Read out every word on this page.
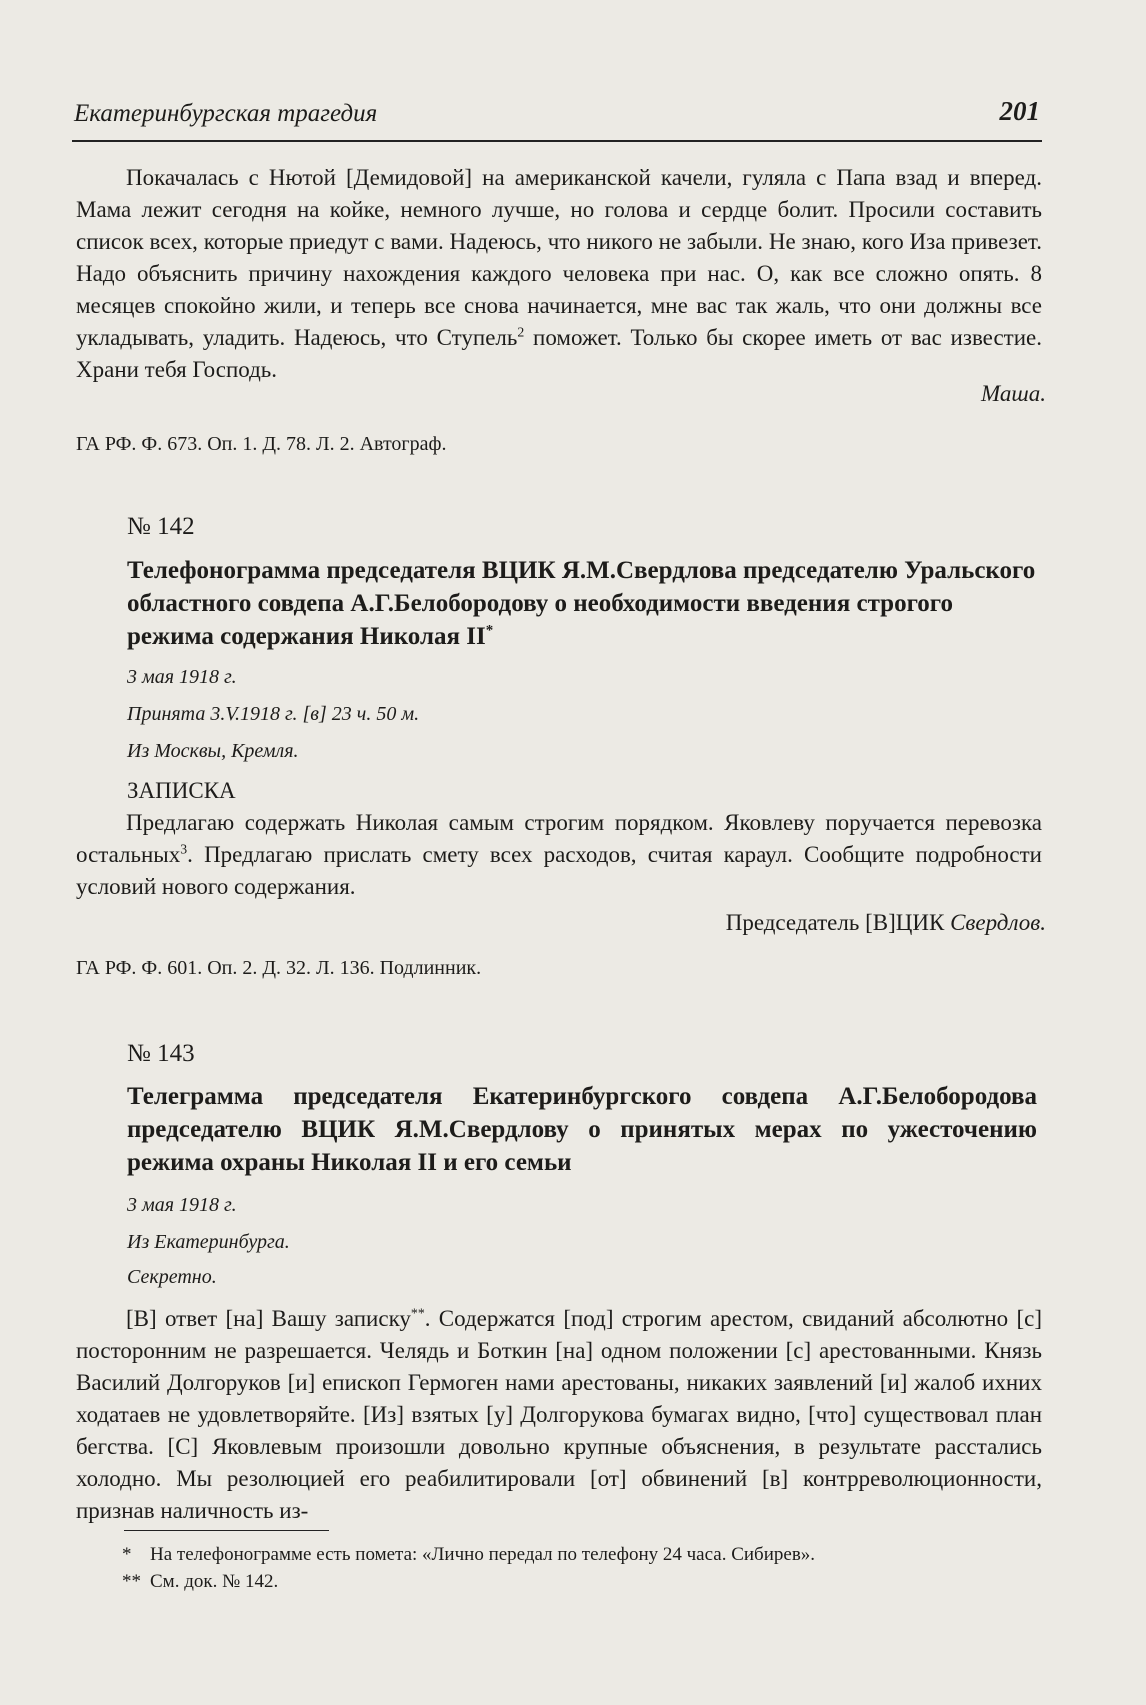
Екатеринбургская трагедия	201
Покачалась с Нютой [Демидовой] на американской качели, гуляла с Папа взад и вперед. Мама лежит сегодня на койке, немного лучше, но голова и сердце болит. Просили составить список всех, которые приедут с вами. Надеюсь, что никого не забыли. Не знаю, кого Иза привезет. Надо объяснить причину нахождения каждого человека при нас. О, как все сложно опять. 8 месяцев спокойно жили, и теперь все снова начинается, мне вас так жаль, что они должны все укладывать, уладить. Надеюсь, что Ступель$^2$ поможет. Только бы скорее иметь от вас известие. Храни тебя Господь.
Маша.
ГА РФ. Ф. 673. Оп. 1. Д. 78. Л. 2. Автограф.
№ 142
Телефонограмма председателя ВЦИК Я.М.Свердлова председателю Уральского областного совдепа А.Г.Белобородову о необходимости введения строгого режима содержания Николая II*
3 мая 1918 г.
Принята 3.V.1918 г. [в] 23 ч. 50 м.
Из Москвы, Кремля.
ЗАПИСКА
Предлагаю содержать Николая самым строгим порядком. Яковлеву поручается перевозка остальных$^3$. Предлагаю прислать смету всех расходов, считая караул. Сообщите подробности условий нового содержания.
Председатель [В]ЦИК Свердлов.
ГА РФ. Ф. 601. Оп. 2. Д. 32. Л. 136. Подлинник.
№ 143
Телеграмма председателя Екатеринбургского совдепа А.Г.Белобородова председателю ВЦИК Я.М.Свердлову о принятых мерах по ужесточению режима охраны Николая II и его семьи
3 мая 1918 г.
Из Екатеринбурга.
Секретно.
[В] ответ [на] Вашу записку**. Содержатся [под] строгим арестом, свиданий абсолютно [с] посторонним не разрешается. Челядь и Боткин [на] одном положении [с] арестованными. Князь Василий Долгоруков [и] епископ Гермоген нами арестованы, никаких заявлений [и] жалоб ихних ходатаев не удовлетворяйте. [Из] взятых [у] Долгорукова бумагах видно, [что] существовал план бегства. [С] Яковлевым произошли довольно крупные объяснения, в результате расстались холодно. Мы резолюцией его реабилитировали [от] обвинений [в] контрреволюционности, признав наличность из-
* На телефонограмме есть помета: «Лично передал по телефону 24 часа. Сибирев».
** См. док. № 142.
